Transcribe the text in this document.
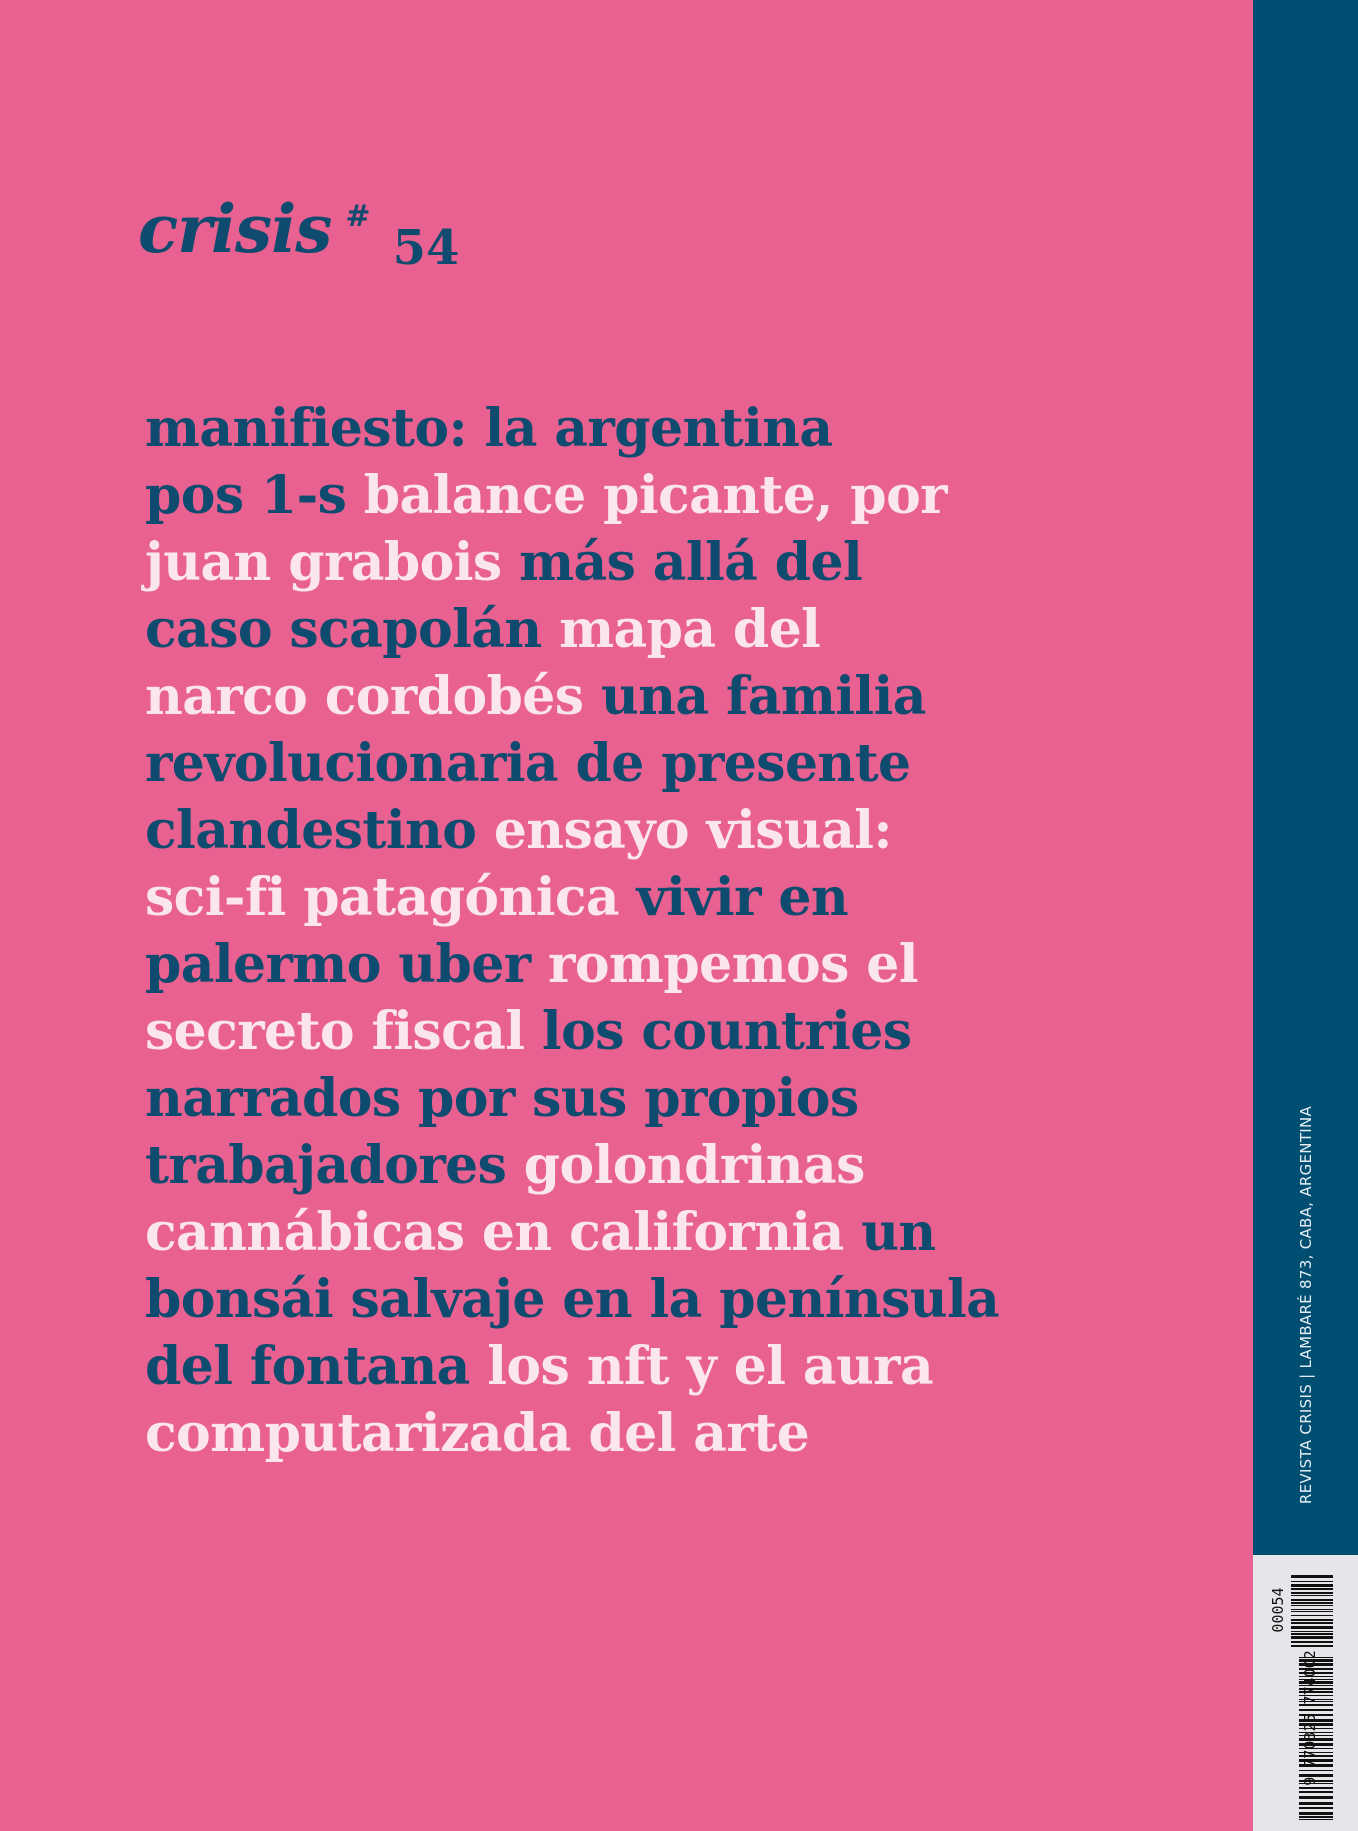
crisis #54

manifiesto: la argentina
pos 1-s balance picante, por
juan grabois más allá del
caso scapolán mapa del
narco cordobés una familia
revolucionaria de presente
clandestino ensayo visual:
sci-fi patagónica vivir en
palermo uber rompemos el
secreto fiscal los countries
narrados por sus propios
trabajadores golondrinas
cannábicas en california un
bonsái salvaje en la península
del fontana los nft y el aura
computarizada del arte	REVISTA CRISIS | LAMBARÉ 873, CABA, ARGENTINA
00054
9 770325 774002
